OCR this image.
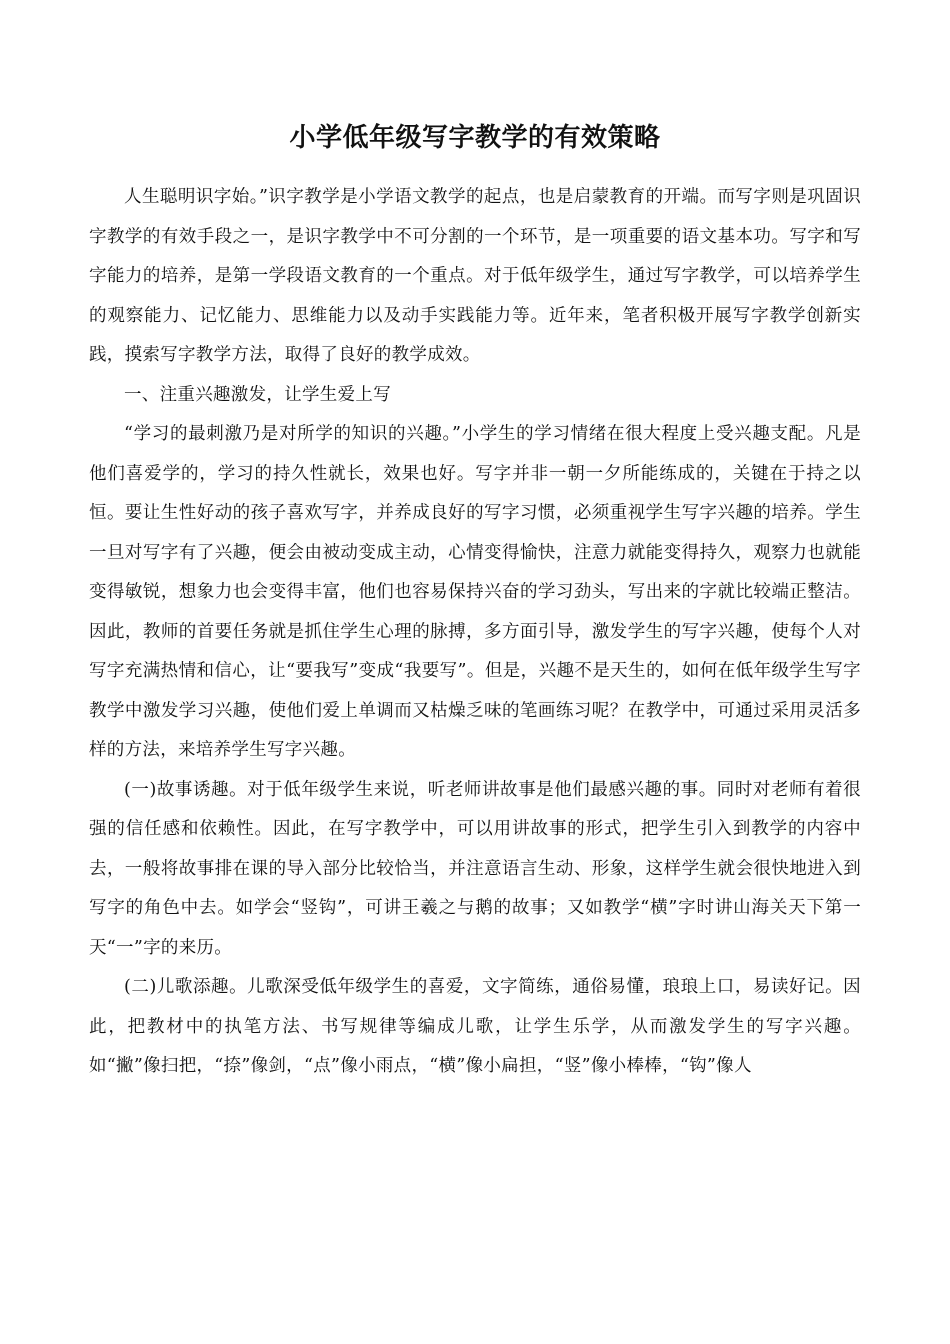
小学低年级写字教学的有效策略

人生聪明识字始。”识字教学是小学语文教学的起点，也是启蒙教育的开端。而写字则是巩固识字教学的有效手段之一，是识字教学中不可分割的一个环节，是一项重要的语文基本功。写字和写字能力的培养，是第一学段语文教育的一个重点。对于低年级学生，通过写字教学，可以培养学生的观察能力、记忆能力、思维能力以及动手实践能力等。近年来，笔者积极开展写字教学创新实践，摸索写字教学方法，取得了良好的教学成效。

一、注重兴趣激发，让学生爱上写

“学习的最刺激乃是对所学的知识的兴趣。”小学生的学习情绪在很大程度上受兴趣支配。凡是他们喜爱学的，学习的持久性就长，效果也好。写字并非一朝一夕所能练成的，关键在于持之以恒。要让生性好动的孩子喜欢写字，并养成良好的写字习惯，必须重视学生写字兴趣的培养。学生一旦对写字有了兴趣，便会由被动变成主动，心情变得愉快，注意力就能变得持久，观察力也就能变得敏锐，想象力也会变得丰富，他们也容易保持兴奋的学习劲头，写出来的字就比较端正整洁。因此，教师的首要任务就是抓住学生心理的脉搏，多方面引导，激发学生的写字兴趣，使每个人对写字充满热情和信心，让“要我写”变成“我要写”。但是，兴趣不是天生的，如何在低年级学生写字教学中激发学习兴趣，使他们爱上单调而又枯燥乏味的笔画练习呢？在教学中，可通过采用灵活多样的方法，来培养学生写字兴趣。

(一)故事诱趣。对于低年级学生来说，听老师讲故事是他们最感兴趣的事。同时对老师有着很强的信任感和依赖性。因此，在写字教学中，可以用讲故事的形式，把学生引入到教学的内容中去，一般将故事排在课的导入部分比较恰当，并注意语言生动、形象，这样学生就会很快地进入到写字的角色中去。如学会“竖钩”，可讲王羲之与鹅的故事；又如教学“横”字时讲山海关天下第一天“一”字的来历。

(二)儿歌添趣。儿歌深受低年级学生的喜爱，文字简练，通俗易懂，琅琅上口，易读好记。因此，把教材中的执笔方法、书写规律等编成儿歌，让学生乐学，从而激发学生的写字兴趣。如“撇”像扫把，“捺”像剑，“点”像小雨点，“横”像小扁担，“竖”像小棒棒，“钩”像人
